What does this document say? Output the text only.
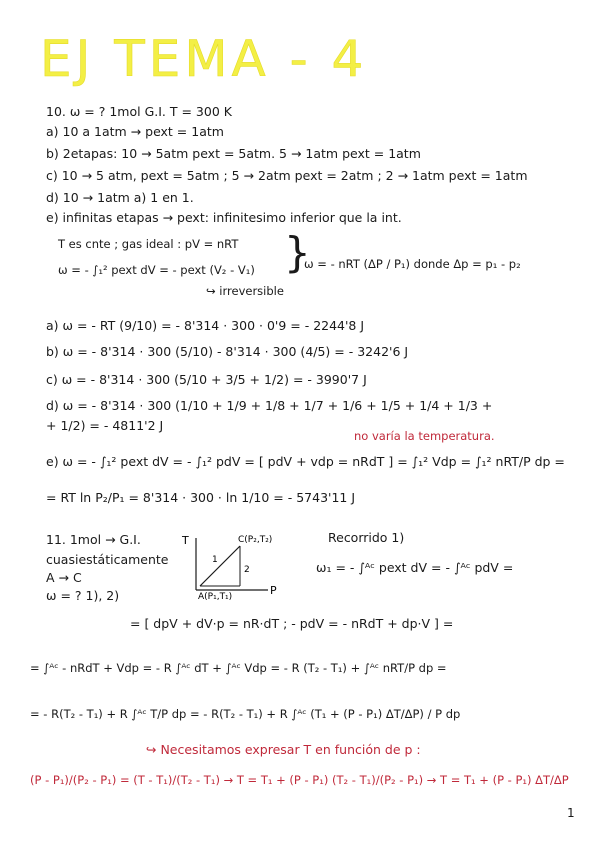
EJ TEMA - 4
10. ω = ? 1mol G.I. T = 300 K
a) 10 a 1atm → pext = 1atm
b) 2etapas: 10 → 5atm pext = 5atm. 5 → 1atm pext = 1atm
c) 10 → 5 atm, pext = 5atm ; 5 → 2atm pext = 2atm ; 2 → 1atm pext = 1atm
d) 10 → 1atm a) 1 en 1.
e) infinitas etapas → pext: infinitesimo inferior que la int.
T es cnte ; gas ideal : pV = nRT
ω = - ∫₁² pext dV = - pext (V₂ - V₁)
↪ irreversible
}
ω = - nRT (ΔP / P₁) donde Δp = p₁ - p₂
a) ω = - RT (9/10) = - 8'314 · 300 · 0'9 = - 2244'8 J
b) ω = - 8'314 · 300 (5/10) - 8'314 · 300 (4/5) = - 3242'6 J
c) ω = - 8'314 · 300 (5/10 + 3/5 + 1/2) = - 3990'7 J
d) ω = - 8'314 · 300 (1/10 + 1/9 + 1/8 + 1/7 + 1/6 + 1/5 + 1/4 + 1/3 +
+ 1/2) = - 4811'2 J
no varía la temperatura.
e) ω = - ∫₁² pext dV = - ∫₁² pdV = [ pdV + vdp = nRdT ] = ∫₁² Vdp = ∫₁² nRT/P dp =
= RT ln P₂/P₁ = 8'314 · 300 · ln 1/10 = - 5743'11 J
11. 1mol → G.I.
cuasiestáticamente
A → C
ω = ? 1), 2)
T
P
C(P₂,T₂)
A(P₁,T₁)
1
2
Recorrido 1)
ω₁ = - ∫ᴬᶜ pext dV = - ∫ᴬᶜ pdV =
= [ dpV + dV·p = nR·dT ; - pdV = - nRdT + dp·V ] =
= ∫ᴬᶜ - nRdT + Vdp = - R ∫ᴬᶜ dT + ∫ᴬᶜ Vdp = - R (T₂ - T₁) + ∫ᴬᶜ nRT/P dp =
= - R(T₂ - T₁) + R ∫ᴬᶜ T/P dp = - R(T₂ - T₁) + R ∫ᴬᶜ (T₁ + (P - P₁) ΔT/ΔP) / P dp
↪ Necesitamos expresar T en función de p :
(P - P₁)/(P₂ - P₁) = (T - T₁)/(T₂ - T₁) → T = T₁ + (P - P₁) (T₂ - T₁)/(P₂ - P₁) → T = T₁ + (P - P₁) ΔT/ΔP
1
